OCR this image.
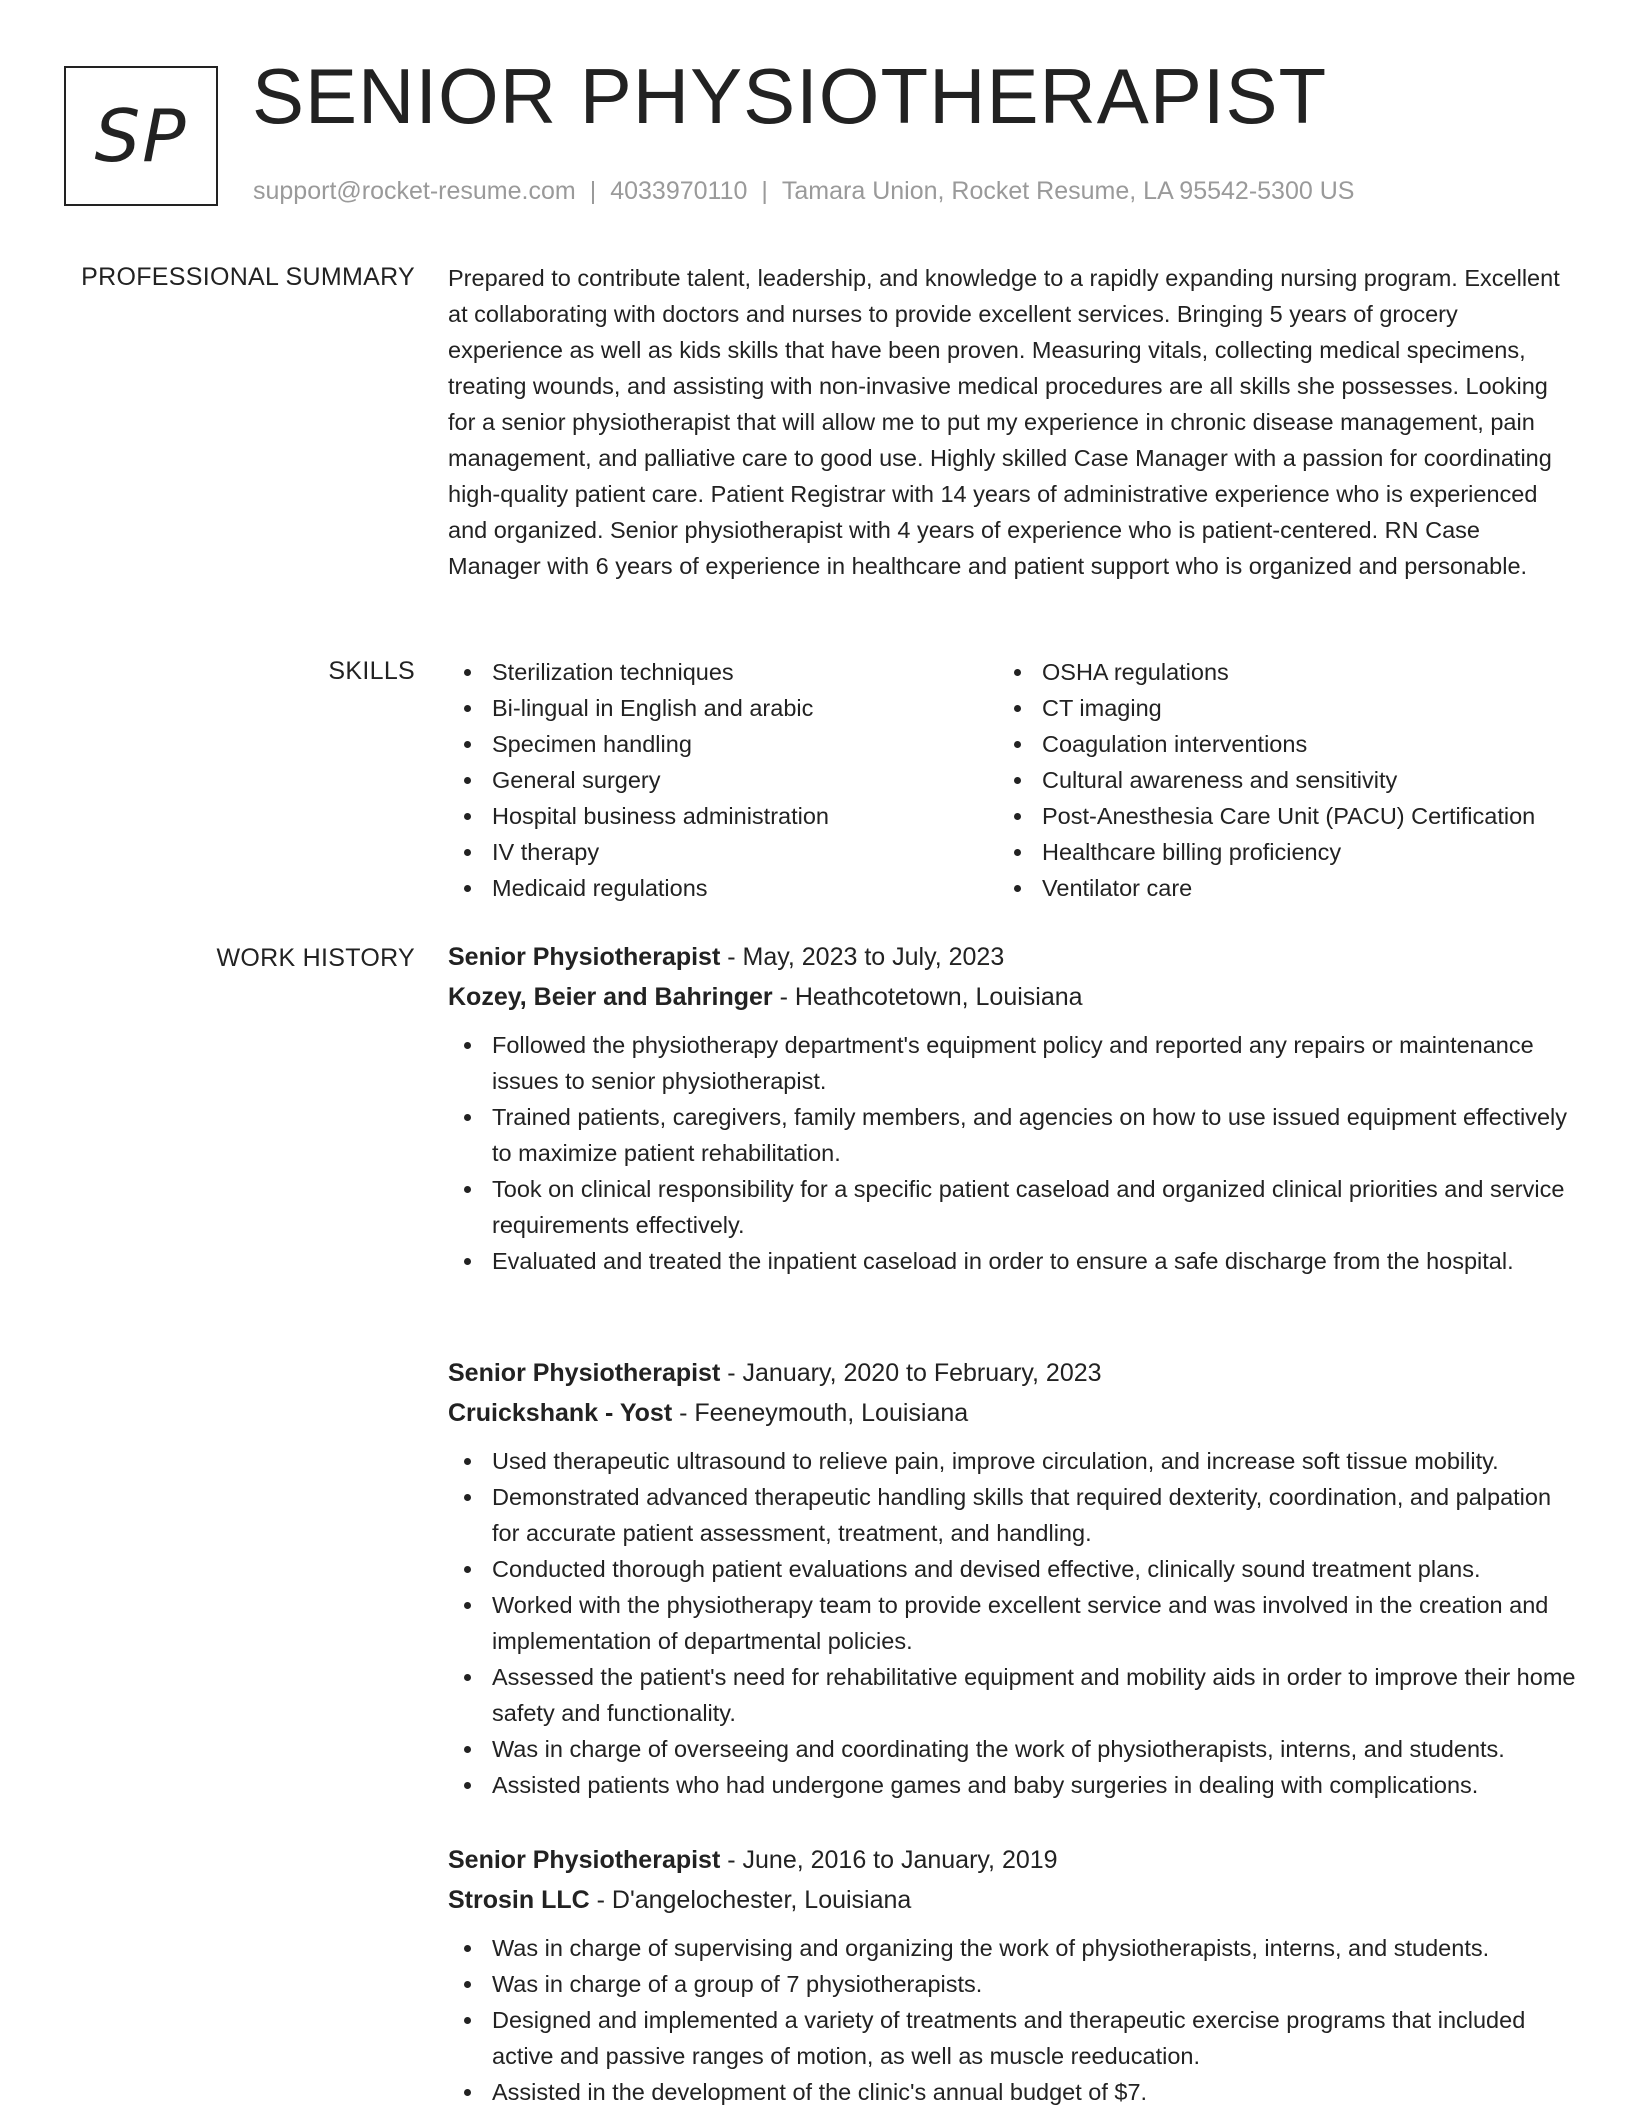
SP SENIOR PHYSIOTHERAPIST
support@rocket-resume.com | 4033970110 | Tamara Union, Rocket Resume, LA 95542-5300 US
PROFESSIONAL SUMMARY Prepared to contribute talent, leadership, and knowledge to a rapidly expanding nursing program. Excellent at collaborating with doctors and nurses to provide excellent services. Bringing 5 years of grocery experience as well as kids skills that have been proven. Measuring vitals, collecting medical specimens, treating wounds, and assisting with non-invasive medical procedures are all skills she possesses. Looking for a senior physiotherapist that will allow me to put my experience in chronic disease management, pain management, and palliative care to good use. Highly skilled Case Manager with a passion for coordinating high-quality patient care. Patient Registrar with 14 years of administrative experience who is experienced and organized. Senior physiotherapist with 4 years of experience who is patient-centered. RN Case Manager with 6 years of experience in healthcare and patient support who is organized and personable.
SKILLS	Sterilization techniques
Bi-lingual in English and arabic
Specimen handling
General surgery
Hospital business administration
IV therapy
Medicaid regulations
OSHA regulations
CT imaging
Coagulation interventions
Cultural awareness and sensitivity
Post-Anesthesia Care Unit (PACU) Certification
Healthcare billing proficiency
Ventilator care
WORK HISTORY Senior Physiotherapist - May, 2023 to July, 2023
Kozey, Beier and Bahringer - Heathcotetown, Louisiana
Followed the physiotherapy department's equipment policy and reported any repairs or maintenance issues to senior physiotherapist.
Trained patients, caregivers, family members, and agencies on how to use issued equipment effectively to maximize patient rehabilitation.
Took on clinical responsibility for a specific patient caseload and organized clinical priorities and service requirements effectively.
Evaluated and treated the inpatient caseload in order to ensure a safe discharge from the hospital.
Senior Physiotherapist - January, 2020 to February, 2023
Cruickshank - Yost - Feeneymouth, Louisiana
Used therapeutic ultrasound to relieve pain, improve circulation, and increase soft tissue mobility.
Demonstrated advanced therapeutic handling skills that required dexterity, coordination, and palpation for accurate patient assessment, treatment, and handling.
Conducted thorough patient evaluations and devised effective, clinically sound treatment plans.
Worked with the physiotherapy team to provide excellent service and was involved in the creation and implementation of departmental policies.
Assessed the patient's need for rehabilitative equipment and mobility aids in order to improve their home safety and functionality.
Was in charge of overseeing and coordinating the work of physiotherapists, interns, and students.
Assisted patients who had undergone games and baby surgeries in dealing with complications.
Senior Physiotherapist - June, 2016 to January, 2019
Strosin LLC - D'angelochester, Louisiana
Was in charge of supervising and organizing the work of physiotherapists, interns, and students.
Was in charge of a group of 7 physiotherapists.
Designed and implemented a variety of treatments and therapeutic exercise programs that included active and passive ranges of motion, as well as muscle reeducation.
Assisted in the development of the clinic's annual budget of $7.
